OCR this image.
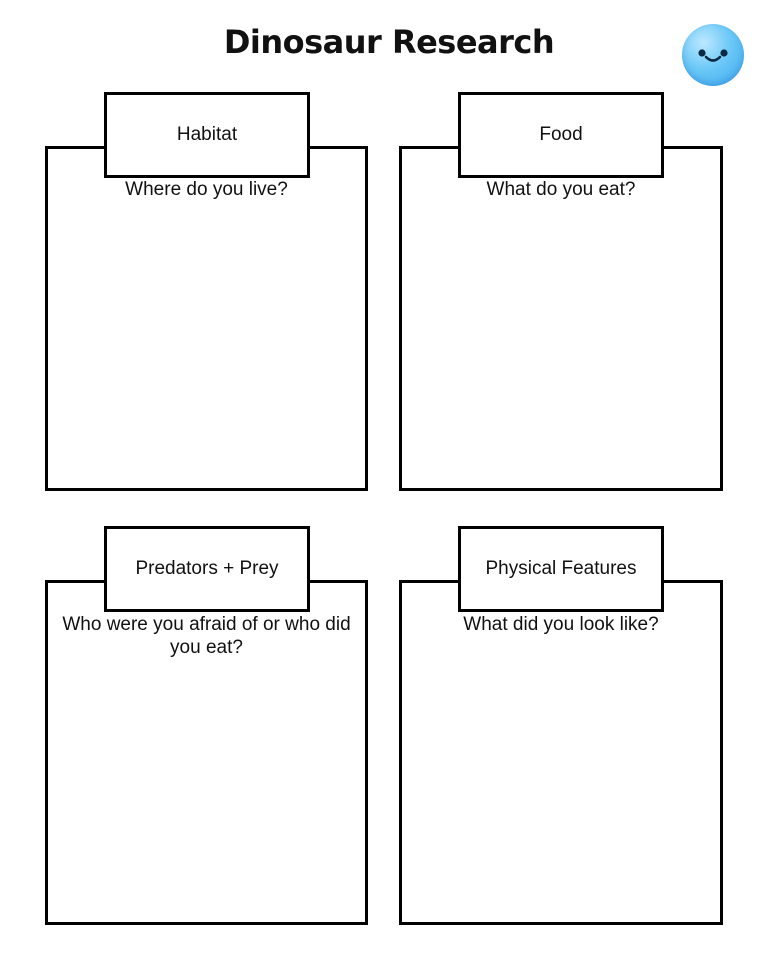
Dinosaur Research
Habitat
Where do you live?
Food
What do you eat?
Predators + Prey
Who were you afraid of or who did you eat?
Physical Features
What did you look like?
